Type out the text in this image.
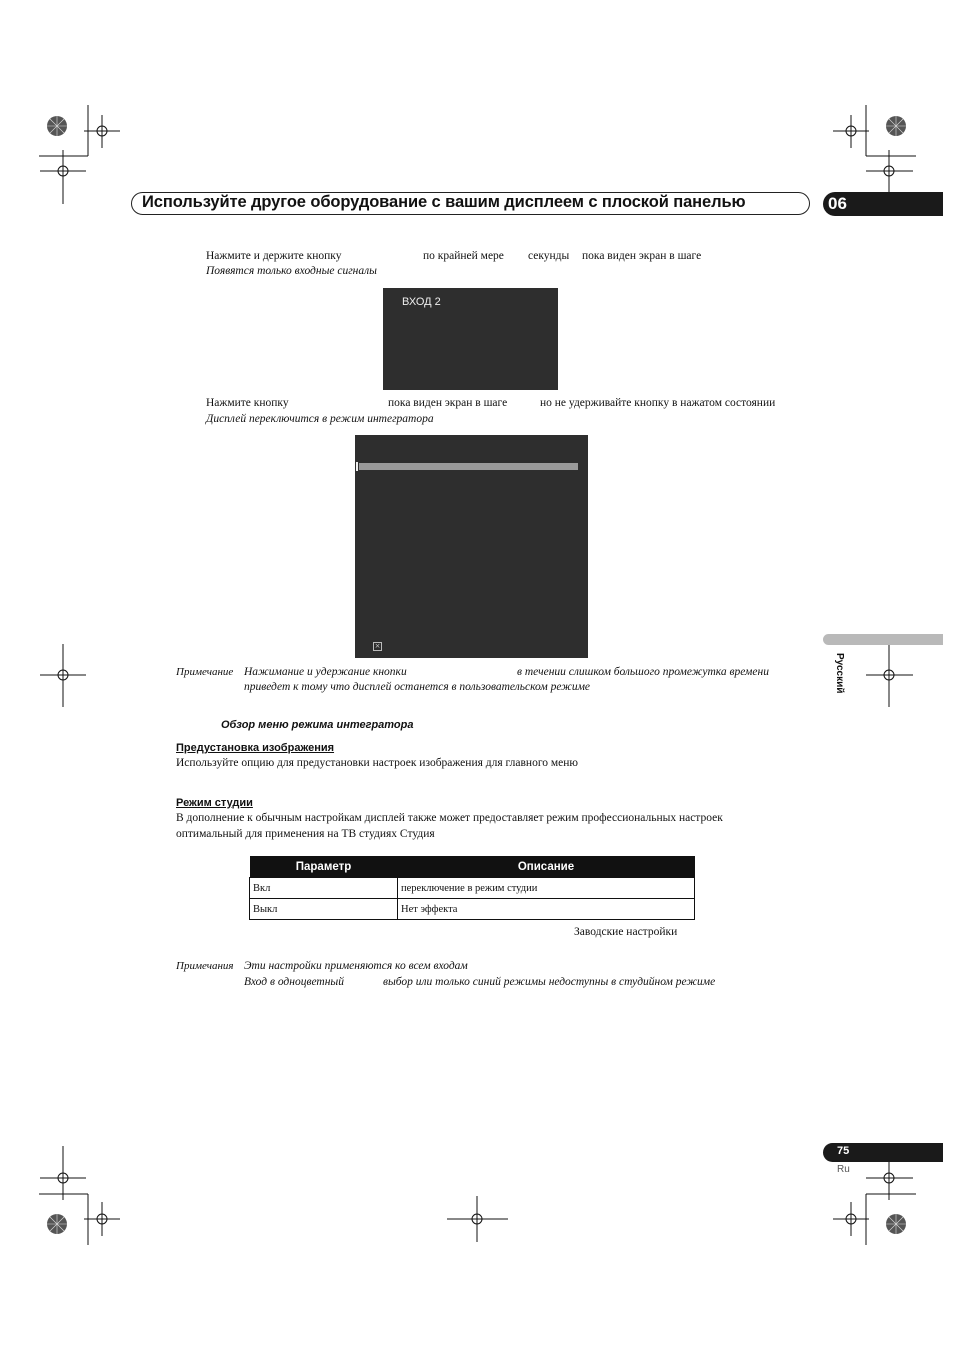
Используйте другое оборудование с вашим дисплеем с плоской панелью	06
Нажмите и держите кнопку	по крайней мере секунды пока виден экран в шаге
Появятся только входные сигналы
ВХОД 2
Нажмите кнопку	пока виден экран в шаге	но не удерживайте кнопку в нажатом состоянии
Дисплей переключится в режим интегратора
×
Примечание Нажимание и удержание кнопки	в течении слишком большого промежутка времени
приведет к тому что дисплей останется в пользовательском режиме
Обзор меню режима интегратора
Предустановка изображения
Используйте опцию для предустановки настроек изображения для главного меню
Режим студии
В дополнение к обычным настройкам дисплей также может предоставляет режим профессиональных настроек
оптимальный для применения на ТВ студиях Студия
Параметр	Описание
Вкл	переключение в режим студии
Выкл	Нет эффекта
Заводские настройки
Примечания Эти настройки применяются ко всем входам
Вход в одноцветный	выбор или только синий режимы недоступны в студийном режиме
Русский
75
Ru
